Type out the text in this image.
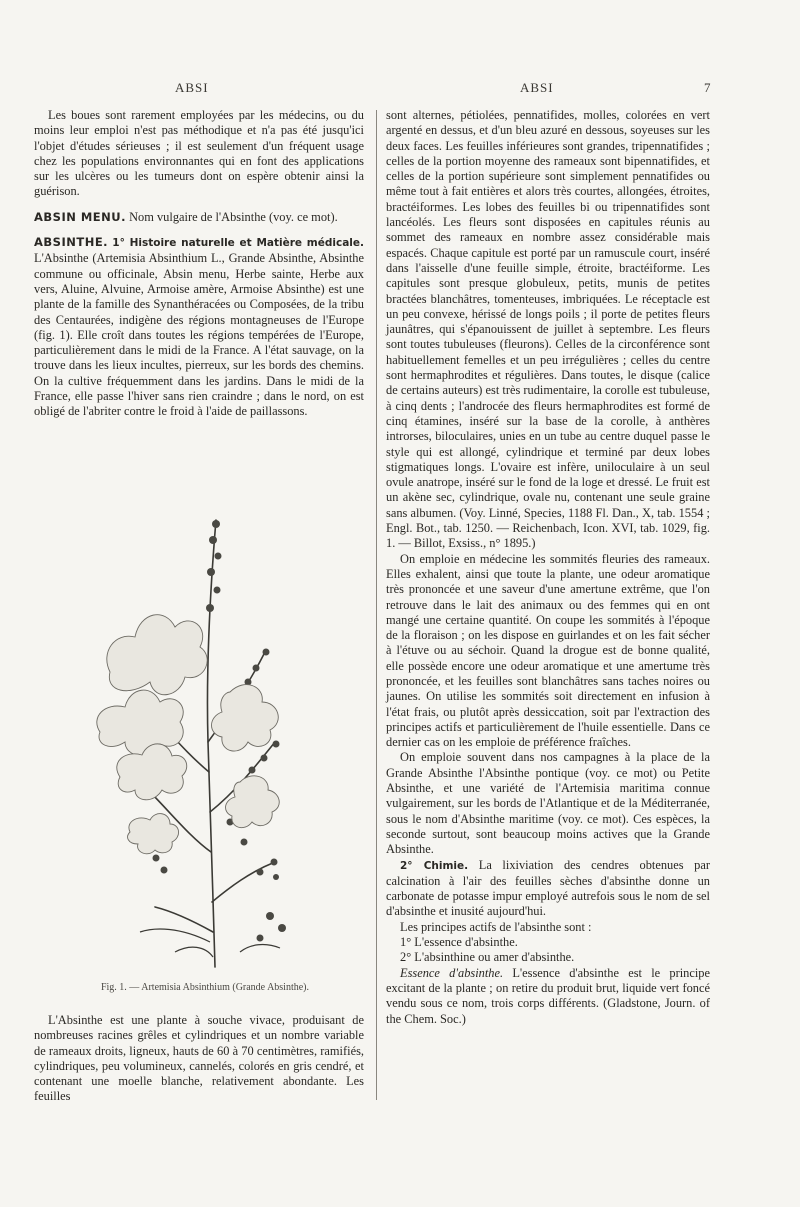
ABSI	ABSI	7

Les boues sont rarement employées par les médecins, ou du moins leur emploi n'est pas méthodique et n'a pas été jusqu'ici l'objet d'études sérieuses ; il est seulement d'un fréquent usage chez les populations environnantes qui en font des applications sur les ulcères ou les tumeurs dont on espère obtenir ainsi la guérison.

ABSIN MENU. Nom vulgaire de l'Absinthe (voy. ce mot).

ABSINTHE. 1° Histoire naturelle et Matière médicale. L'Absinthe (Artemisia Absinthium L., Grande Absinthe, Absinthe commune ou officinale, Absin menu, Herbe sainte, Herbe aux vers, Aluine, Alvuine, Armoise amère, Armoise Absinthe) est une plante de la famille des Synanthéracées ou Composées, de la tribu des Centaurées, indigène des régions montagneuses de l'Europe (fig. 1). Elle croît dans toutes les régions tempérées de l'Europe, particulièrement dans le midi de la France. A l'état sauvage, on la trouve dans les lieux incultes, pierreux, sur les bords des chemins. On la cultive fréquemment dans les jardins. Dans le midi de la France, elle passe l'hiver sans rien craindre ; dans le nord, on est obligé de l'abriter contre le froid à l'aide de paillassons.

Fig. 1. — Artemisia Absinthium (Grande Absinthe).

L'Absinthe est une plante à souche vivace, produisant de nombreuses racines grêles et cylindriques et un nombre variable de rameaux droits, ligneux, hauts de 60 à 70 centimètres, ramifiés, cylindriques, peu volumineux, cannelés, colorés en gris cendré, et contenant une moelle blanche, relativement abondante. Les feuilles

sont alternes, pétiolées, pennatifides, molles, colorées en vert argenté en dessus, et d'un bleu azuré en dessous, soyeuses sur les deux faces. Les feuilles inférieures sont grandes, tripennatifides ; celles de la portion moyenne des rameaux sont bipennatifides, et celles de la portion supérieure sont simplement pennatifides ou même tout à fait entières et alors très courtes, allongées, étroites, bractéiformes. Les lobes des feuilles bi ou tripennatifides sont lancéolés. Les fleurs sont disposées en capitules réunis au sommet des rameaux en nombre assez considérable mais espacés. Chaque capitule est porté par un ramuscule court, inséré dans l'aisselle d'une feuille simple, étroite, bractéiforme. Les capitules sont presque globuleux, petits, munis de petites bractées blanchâtres, tomenteuses, imbriquées. Le réceptacle est un peu convexe, hérissé de longs poils ; il porte de petites fleurs jaunâtres, qui s'épanouissent de juillet à septembre. Les fleurs sont toutes tubuleuses (fleurons). Celles de la circonférence sont habituellement femelles et un peu irrégulières ; celles du centre sont hermaphrodites et régulières. Dans toutes, le disque (calice de certains auteurs) est très rudimentaire, la corolle est tubuleuse, à cinq dents ; l'androcée des fleurs hermaphrodites est formé de cinq étamines, inséré sur la base de la corolle, à anthères introrses, biloculaires, unies en un tube au centre duquel passe le style qui est allongé, cylindrique et terminé par deux lobes stigmatiques longs. L'ovaire est infère, uniloculaire à un seul ovule anatrope, inséré sur le fond de la loge et dressé. Le fruit est un akène sec, cylindrique, ovale nu, contenant une seule graine sans albumen. (Voy. Linné, Species, 1188 Fl. Dan., X, tab. 1554 ; Engl. Bot., tab. 1250. — Reichenbach, Icon. XVI, tab. 1029, fig. 1. — Billot, Exsiss., n° 1895.)

On emploie en médecine les sommités fleuries des rameaux. Elles exhalent, ainsi que toute la plante, une odeur aromatique très prononcée et une saveur d'une amertune extrême, que l'on retrouve dans le lait des animaux ou des femmes qui en ont mangé une certaine quantité. On coupe les sommités à l'époque de la floraison ; on les dispose en guirlandes et on les fait sécher à l'étuve ou au séchoir. Quand la drogue est de bonne qualité, elle possède encore une odeur aromatique et une amertume très prononcée, et les feuilles sont blanchâtres sans taches noires ou jaunes. On utilise les sommités soit directement en infusion à l'état frais, ou plutôt après dessiccation, soit par l'extraction des principes actifs et particulièrement de l'huile essentielle. Dans ce dernier cas on les emploie de préférence fraîches.

On emploie souvent dans nos campagnes à la place de la Grande Absinthe l'Absinthe pontique (voy. ce mot) ou Petite Absinthe, et une variété de l'Artemisia maritima connue vulgairement, sur les bords de l'Atlantique et de la Méditerranée, sous le nom d'Absinthe maritime (voy. ce mot). Ces espèces, la seconde surtout, sont beaucoup moins actives que la Grande Absinthe.

2° Chimie. La lixiviation des cendres obtenues par calcination à l'air des feuilles sèches d'absinthe donne un carbonate de potasse impur employé autrefois sous le nom de sel d'absinthe et inusité aujourd'hui.

Les principes actifs de l'absinthe sont :

1° L'essence d'absinthe.

2° L'absinthine ou amer d'absinthe.

Essence d'absinthe. L'essence d'absinthe est le principe excitant de la plante ; on retire du produit brut, liquide vert foncé vendu sous ce nom, trois corps différents. (Gladstone, Journ. of the Chem. Soc.)
